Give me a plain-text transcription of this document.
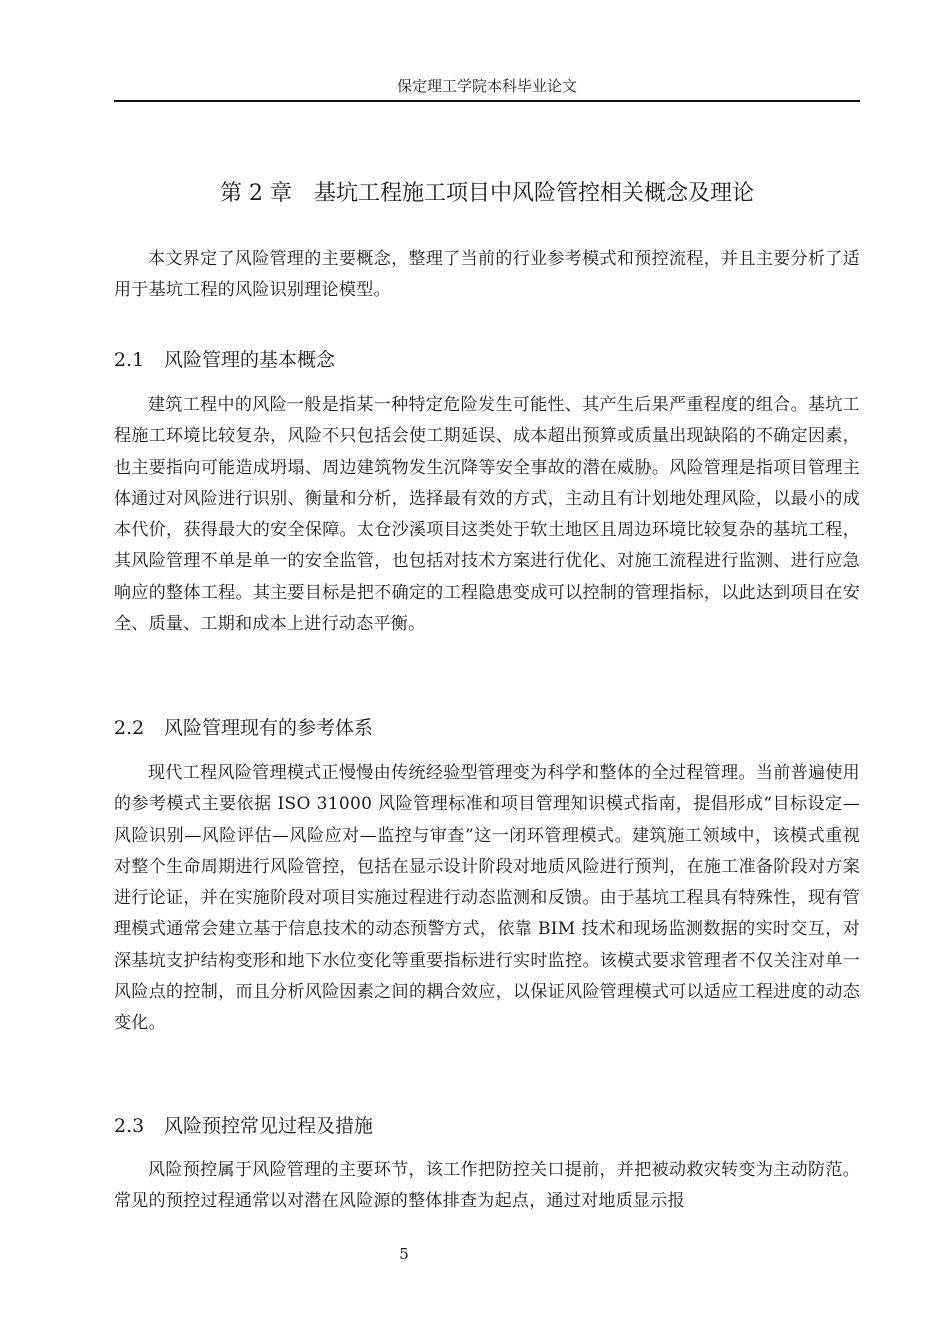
保定理工学院本科毕业论文
第 2 章 基坑工程施工项目中风险管控相关概念及理论

本文界定了风险管理的主要概念，整理了当前的行业参考模式和预控流程，并且主要分析了适用于基坑工程的风险识别理论模型。

2.1 风险管理的基本概念

建筑工程中的风险一般是指某一种特定危险发生可能性、其产生后果严重程度的组合。基坑工程施工环境比较复杂，风险不只包括会使工期延误、成本超出预算或质量出现缺陷的不确定因素，也主要指向可能造成坍塌、周边建筑物发生沉降等安全事故的潜在威胁。风险管理是指项目管理主体通过对风险进行识别、衡量和分析，选择最有效的方式，主动且有计划地处理风险，以最小的成本代价，获得最大的安全保障。太仓沙溪项目这类处于软土地区且周边环境比较复杂的基坑工程，其风险管理不单是单一的安全监管，也包括对技术方案进行优化、对施工流程进行监测、进行应急响应的整体工程。其主要目标是把不确定的工程隐患变成可以控制的管理指标，以此达到项目在安全、质量、工期和成本上进行动态平衡。

2.2 风险管理现有的参考体系

现代工程风险管理模式正慢慢由传统经验型管理变为科学和整体的全过程管理。当前普遍使用的参考模式主要依据 ISO 31000 风险管理标准和项目管理知识模式指南，提倡形成“目标设定—风险识别—风险评估—风险应对—监控与审查”这一闭环管理模式。建筑施工领域中，该模式重视对整个生命周期进行风险管控，包括在显示设计阶段对地质风险进行预判，在施工准备阶段对方案进行论证，并在实施阶段对项目实施过程进行动态监测和反馈。由于基坑工程具有特殊性，现有管理模式通常会建立基于信息技术的动态预警方式，依靠 BIM 技术和现场监测数据的实时交互，对深基坑支护结构变形和地下水位变化等重要指标进行实时监控。该模式要求管理者不仅关注对单一风险点的控制，而且分析风险因素之间的耦合效应，以保证风险管理模式可以适应工程进度的动态变化。

2.3 风险预控常见过程及措施

风险预控属于风险管理的主要环节，该工作把防控关口提前，并把被动救灾转变为主动防范。常见的预控过程通常以对潜在风险源的整体排查为起点，通过对地质显示报

5
